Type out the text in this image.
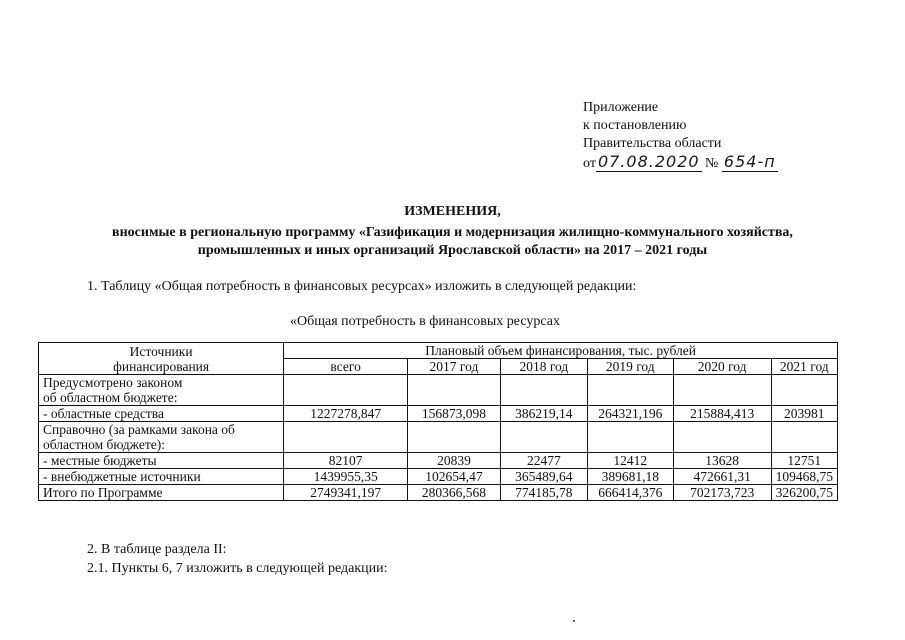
Приложение
к постановлению
Правительства области
от 07.08.2020 № 654-п
ИЗМЕНЕНИЯ,
вносимые в региональную программу «Газификация и модернизация жилищно-коммунального хозяйства,
промышленных и иных организаций Ярославской области» на 2017 – 2021 годы
1. Таблицу «Общая потребность в финансовых ресурсах» изложить в следующей редакции:
«Общая потребность в финансовых ресурсах
Источники
финансирования	Плановый объем финансирования, тыс. рублей					
	всего	2017 год	2018 год	2019 год	2020 год	2021 год
Предусмотрено законом
об областном бюджете:						
- областные средства	1227278,847	156873,098	386219,14	264321,196	215884,413	203981
Справочно (за рамками закона об
областном бюджете):						
- местные бюджеты	82107	20839	22477	12412	13628	12751
- внебюджетные источники	1439955,35	102654,47	365489,64	389681,18	472661,31	109468,75
Итого по Программе	2749341,197	280366,568	774185,78	666414,376	702173,723	326200,75
2. В таблице раздела II:
2.1. Пункты 6, 7 изложить в следующей редакции:
